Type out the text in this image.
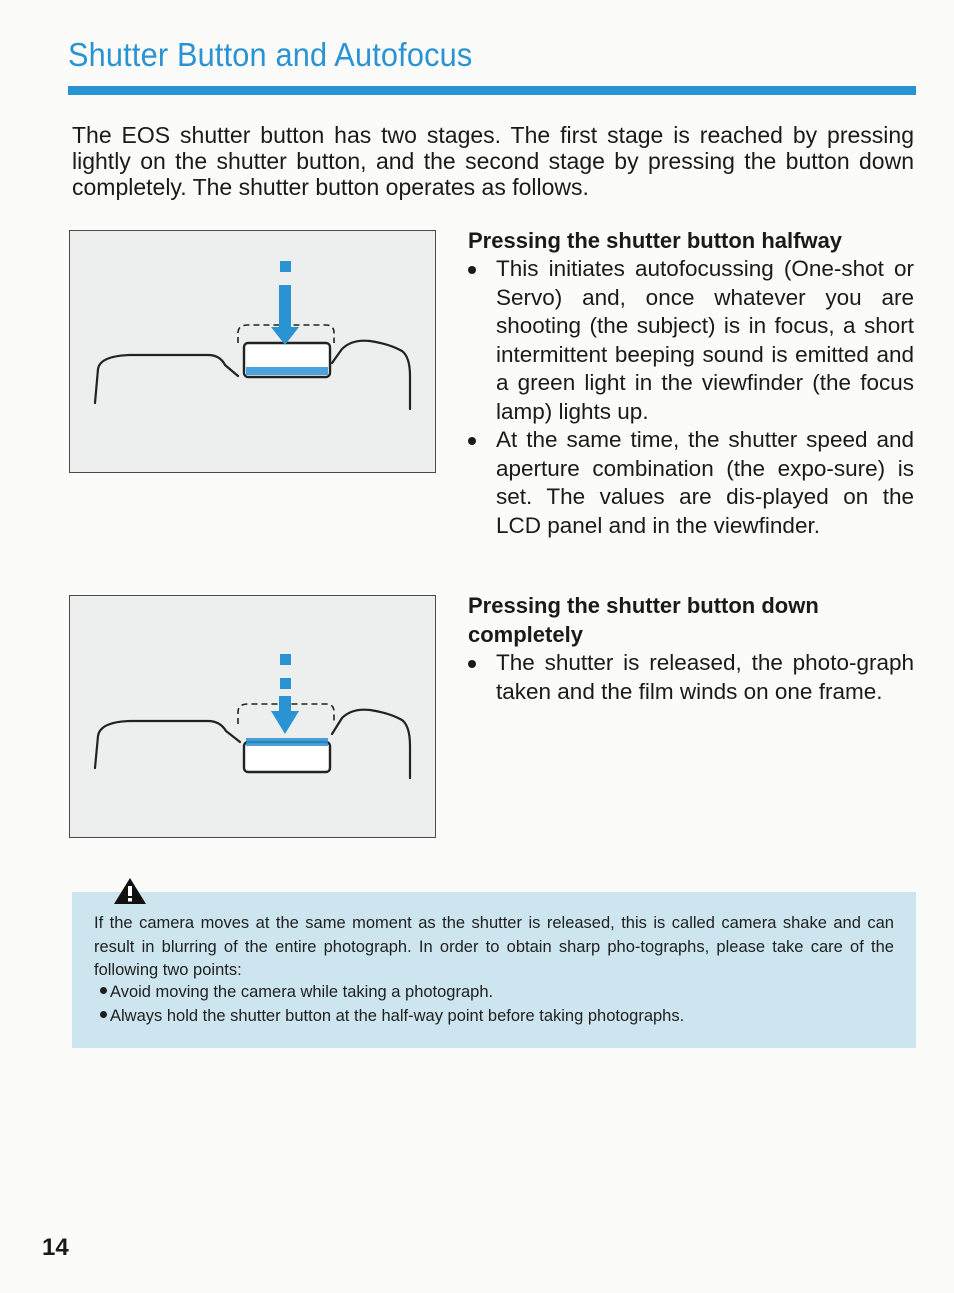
Shutter Button and Autofocus

The EOS shutter button has two stages. The first stage is reached by pressing lightly on the shutter button, and the second stage by pressing the button down completely. The shutter button operates as follows.

Pressing the shutter button halfway
This initiates autofocussing (One-shot or Servo) and, once whatever you are shooting (the subject) is in focus, a short intermittent beeping sound is emitted and a green light in the viewfinder (the focus lamp) lights up.
At the same time, the shutter speed and aperture combination (the expo-sure) is set. The values are dis-played on the LCD panel and in the viewfinder.
Pressing the shutter button down completely
The shutter is released, the photo-graph taken and the film winds on one frame.

If the camera moves at the same moment as the shutter is released, this is called camera shake and can result in blurring of the entire photograph. In order to obtain sharp pho-tographs, please take care of the following two points:

Avoid moving the camera while taking a photograph.
Always hold the shutter button at the half-way point before taking photographs.
14
